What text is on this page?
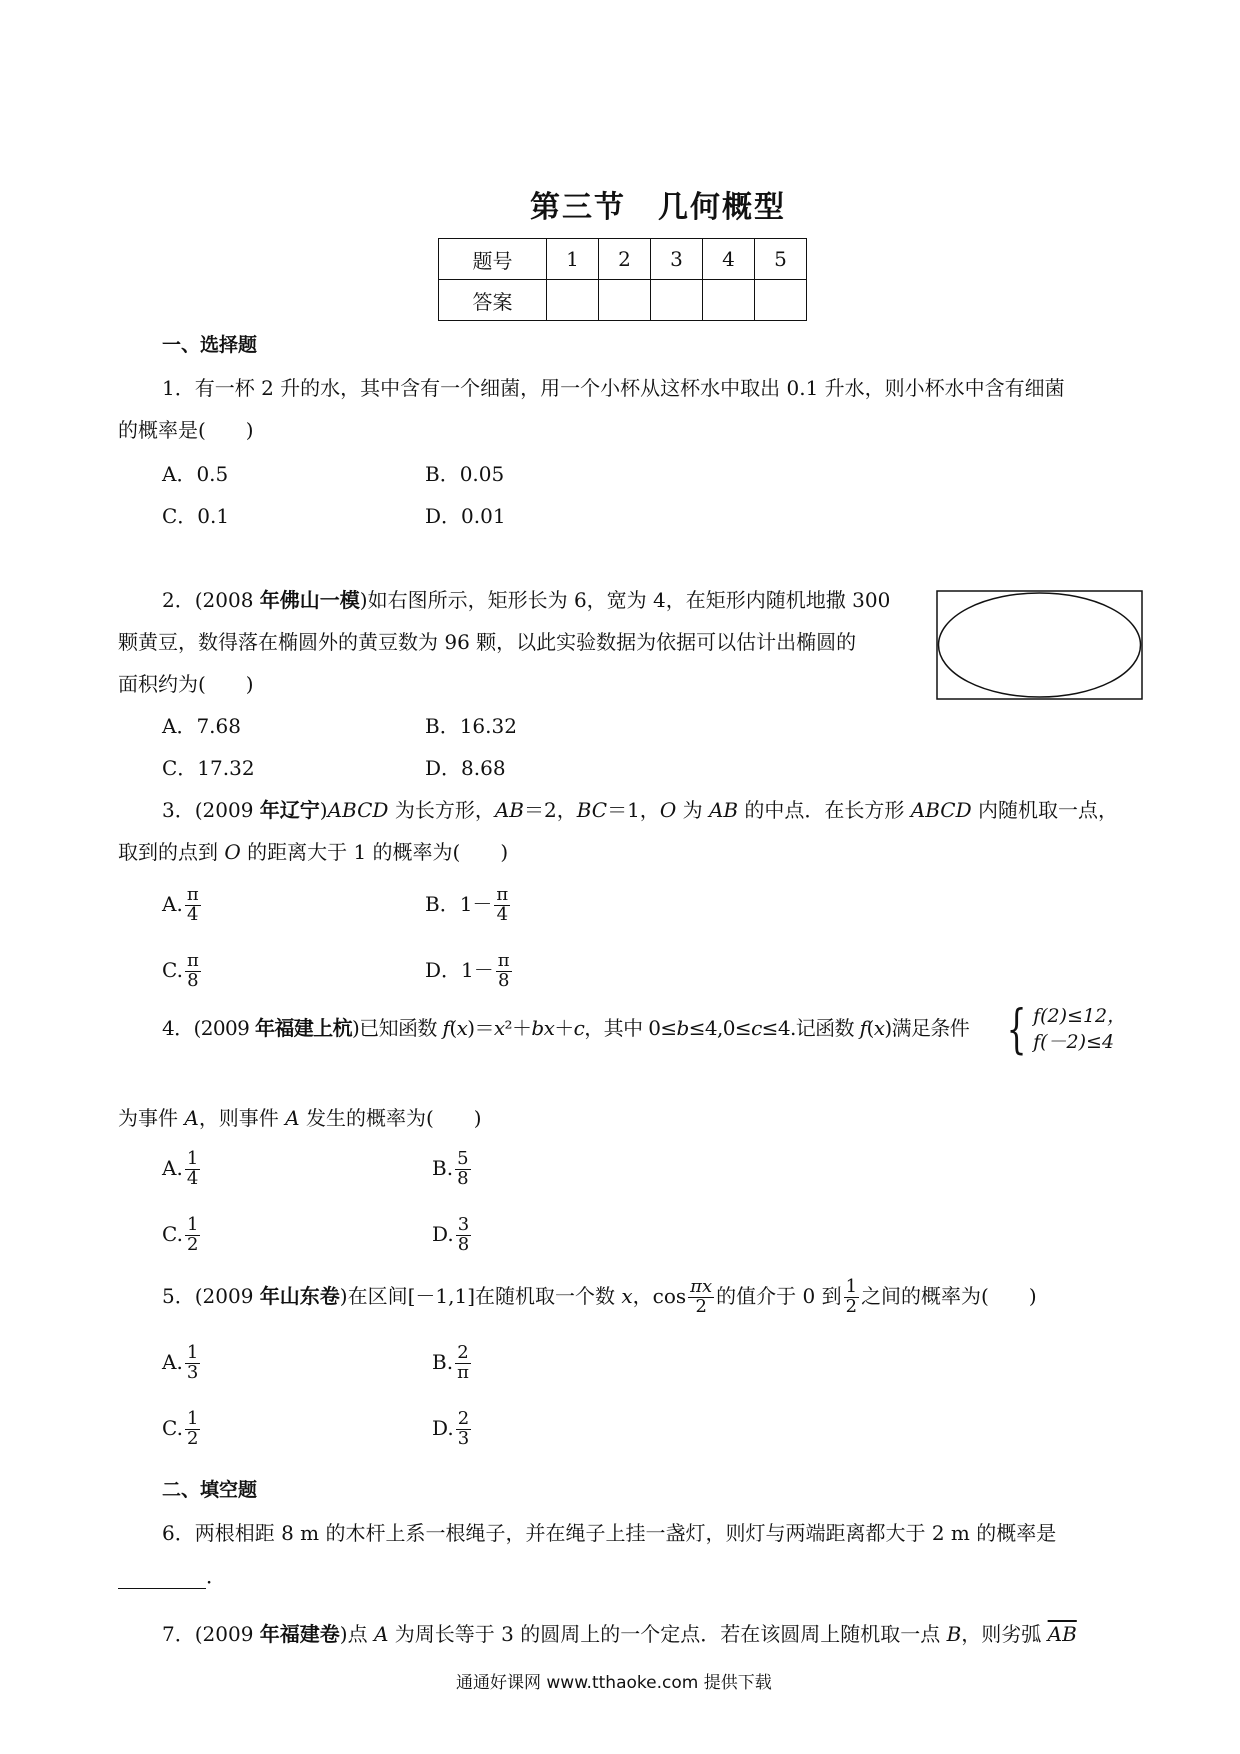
第三节　几何概型
题号	1	2	3	4	5
答案					
一、选择题
1．有一杯 2 升的水，其中含有一个细菌，用一个小杯从这杯水中取出 0.1 升水，则小杯水中含有细菌
的概率是(　　)
A．0.5	B．0.05
C．0.1	D．0.01
2．(2008 年佛山一模)如右图所示，矩形长为 6，宽为 4，在矩形内随机地撒 300
颗黄豆，数得落在椭圆外的黄豆数为 96 颗，以此实验数据为依据可以估计出椭圆的
面积约为(　　)
A．7.68	B．16.32
C．17.32	D．8.68
3．(2009 年辽宁)ABCD 为长方形，AB＝2，BC＝1，O 为 AB 的中点．在长方形 ABCD 内随机取一点，
取到的点到 O 的距离大于 1 的概率为(　　)
A. $\frac{\pi}{4}$	B．$1- \frac{\pi}{4}$
C. $\frac{\pi}{8}$	D．$1- \frac{\pi}{8}$
4．(2009 年福建上杭)已知函数 f(x)＝x²＋bx＋c，其中 0≤b≤4,0≤c≤4.记函数 f(x)满足条件 { f(2)≤12，
f(－2)≤4
为事件 A，则事件 A 发生的概率为(　　)
A. $\frac{1}{4}$	B. $\frac{5}{8}$
C. $\frac{1}{2}$	D. $\frac{3}{8}$
5．(2009 年山东卷)在区间[－1,1]在随机取一个数 x，$\cos \frac{\pi x}{2}$ 的值介于 0 到 $\frac{1}{2}$ 之间的概率为(　　)
A. $\frac{1}{3}$	B. $\frac{2}{\pi}$
C. $\frac{1}{2}$	D. $\frac{2}{3}$
二、填空题
6．两根相距 8 m 的木杆上系一根绳子，并在绳子上挂一盏灯，则灯与两端距离都大于 2 m 的概率是
．
7．(2009 年福建卷)点 A 为周长等于 3 的圆周上的一个定点．若在该圆周上随机取一点 B，则劣弧 $\overline{AB}$
通通好课网 www.tthaoke.com 提供下载
